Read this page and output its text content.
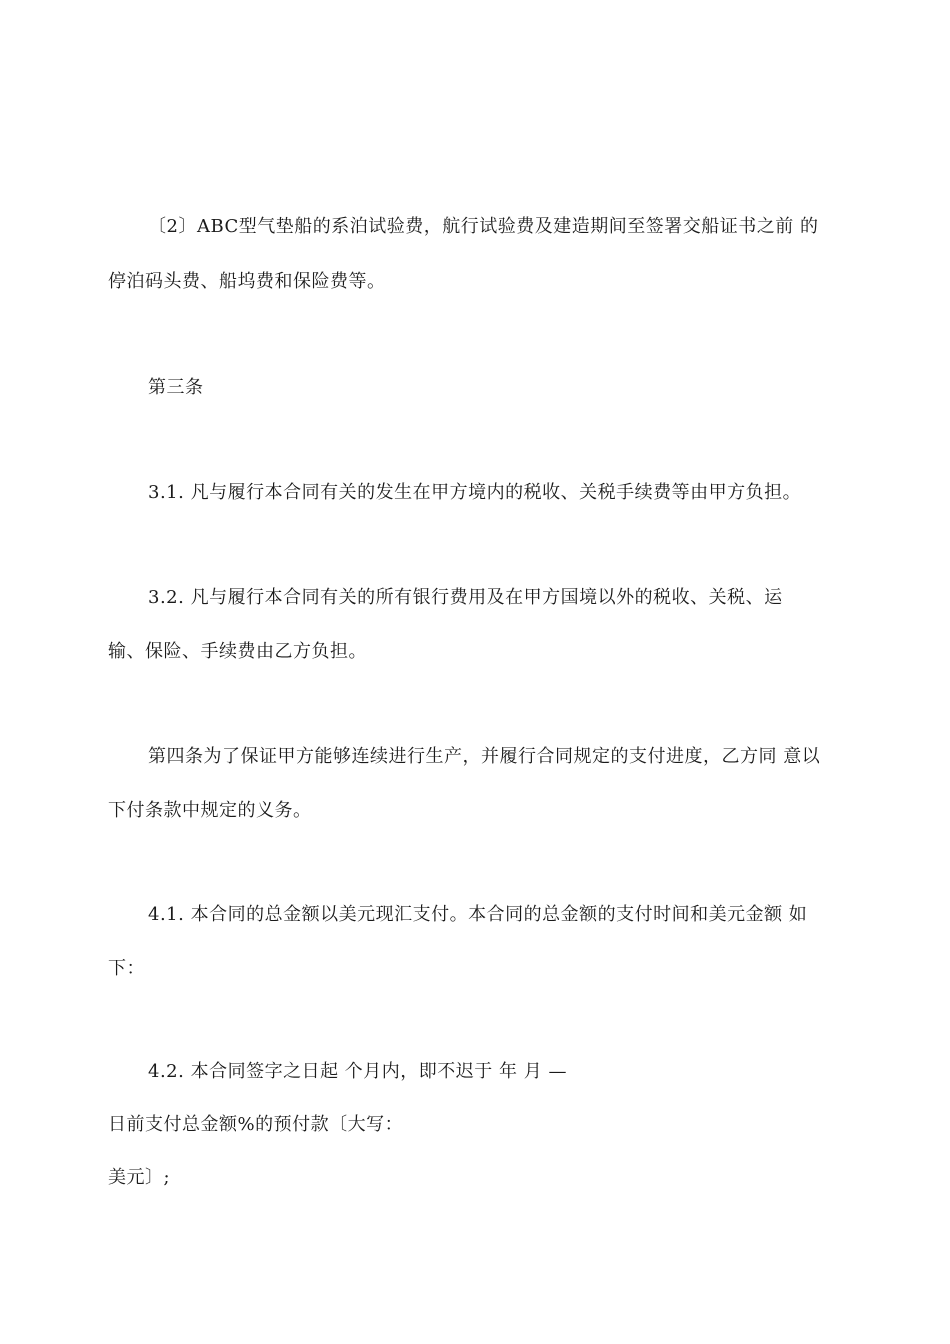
〔2〕ABC型气垫船的系泊试验费，航行试验费及建造期间至签署交船证书之前 的
停泊码头费、船坞费和保险费等。
第三条
3.1. 凡与履行本合同有关的发生在甲方境内的税收、关税手续费等由甲方负担。
3.2. 凡与履行本合同有关的所有银行费用及在甲方国境以外的税收、关税、运
输、保险、手续费由乙方负担。
第四条为了保证甲方能够连续进行生产，并履行合同规定的支付进度，乙方同 意以
下付条款中规定的义务。
4.1. 本合同的总金额以美元现汇支付。本合同的总金额的支付时间和美元金额 如
下：
4.2. 本合同签字之日起 个月内，即不迟于 年 月 —
日前支付总金额%的预付款〔大写：
美元〕;
